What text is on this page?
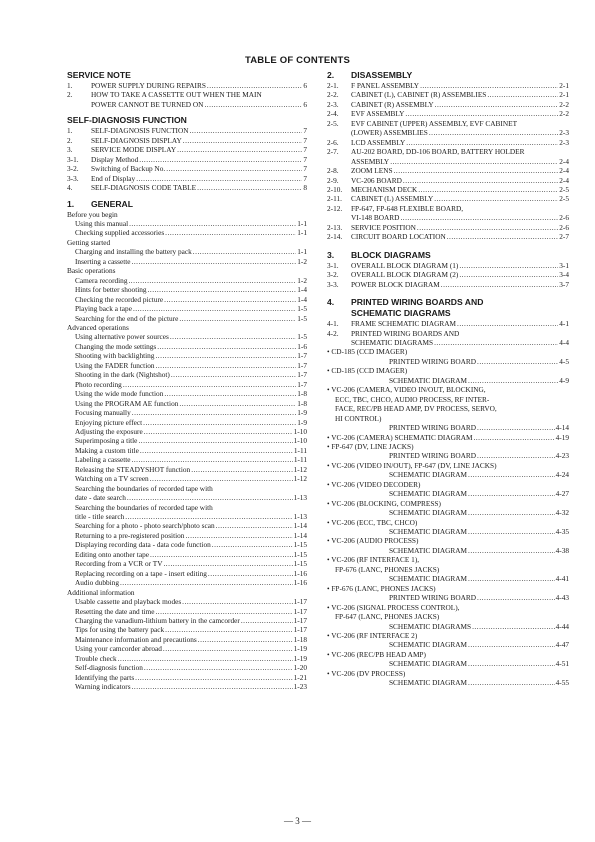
TABLE OF CONTENTS
SERVICE NOTE
1.	POWER SUPPLY DURING REPAIRS .....	6
2.	HOW TO TAKE A CASSETTE OUT WHEN THE MAIN
POWER CANNOT BE TURNED ON .....	6
SELF-DIAGNOSIS FUNCTION
1.	SELF-DIAGNOSIS FUNCTION .....	7
2.	SELF-DIAGNOSIS DISPLAY .....	7
3.	SERVICE MODE DISPLAY .....	7
3-1.	Display Method .....	7
3-2.	Switching of Backup No. .....	7
3-3.	End of Display .....	7
4.	SELF-DIAGNOSIS CODE TABLE .....	8
1.	GENERAL
Before you begin
Using this manual .....	1-1
Checking supplied accessories .....	1-1
Getting started
Charging and installing the battery pack .....	1-1
Inserting a cassette .....	1-2
Basic operations
Camera recording .....	1-2
Hints for better shooting .....	1-4
Checking the recorded picture .....	1-4
Playing back a tape .....	1-5
Searching for the end of the picture .....	1-5
Advanced operations
Using alternative power sources .....	1-5
Changing the mode settings .....	1-6
Shooting with backlighting .....	1-7
Using the FADER function .....	1-7
Shooting in the dark (Nightshot) .....	1-7
Photo recording .....	1-7
Using the wide mode function .....	1-8
Using the PROGRAM AE function .....	1-8
Focusing manually .....	1-9
Enjoying picture effect .....	1-9
Adjusting the exposure .....	1-10
Superimposing a title .....	1-10
Making a custom title .....	1-11
Labeling a cassette .....	1-11
Releasing the STEADYSHOT function .....	1-12
Watching on a TV screen .....	1-12
Searching the boundaries of recorded tape with
date - date search .....	1-13
Searching the boundaries of recorded tape with
title - title search .....	1-13
Searching for a photo - photo search/photo scan .....	1-14
Returning to a pre-registered position .....	1-14
Displaying recording data - data code function .....	1-15
Editing onto another tape .....	1-15
Recording from a VCR or TV .....	1-15
Replacing recording on a tape - insert editing .....	1-16
Audio dubbing .....	1-16
Additional information
Usable cassette and playback modes .....	1-17
Resetting the date and time .....	1-17
Charging the vanadium-lithium battery in the camcorder .....	1-17
Tips for using the battery pack .....	1-17
Maintenance information and precautions .....	1-18
Using your camcorder abroad .....	1-19
Trouble check .....	1-19
Self-diagnosis function .....	1-20
Identifying the parts .....	1-21
Warning indicators .....	1-23
2.	DISASSEMBLY
2-1.	F PANEL ASSEMBLY .....	2-1
2-2.	CABINET (L), CABINET (R) ASSEMBLIES .....	2-1
2-3.	CABINET (R) ASSEMBLY .....	2-2
2-4.	EVF ASSEMBLY .....	2-2
2-5.	EVF CABINET (UPPER) ASSEMBLY, EVF CABINET
(LOWER) ASSEMBLIES .....	2-3
2-6.	LCD ASSEMBLY .....	2-3
2-7.	AU-202 BOARD, DD-106 BOARD, BATTERY HOLDER
ASSEMBLY .....	2-4
2-8.	ZOOM LENS .....	2-4
2-9.	VC-206 BOARD .....	2-4
2-10.	MECHANISM DECK .....	2-5
2-11.	CABINET (L) ASSEMBLY .....	2-5
2-12.	FP-647, FP-648 FLEXIBLE BOARD,
VI-148 BOARD .....	2-6
2-13.	SERVICE POSITION .....	2-6
2-14.	CIRCUIT BOARD LOCATION .....	2-7
3.	BLOCK DIAGRAMS
3-1.	OVERALL BLOCK DIAGRAM (1) .....	3-1
3-2.	OVERALL BLOCK DIAGRAM (2) .....	3-4
3-3.	POWER BLOCK DIAGRAM .....	3-7
4.	PRINTED WIRING BOARDS AND
SCHEMATIC DIAGRAMS
4-1.	FRAME SCHEMATIC DIAGRAM .....	4-1
4-2.	PRINTED WIRING BOARDS AND
SCHEMATIC DIAGRAMS .....	4-4
• CD-185 (CCD IMAGER)
PRINTED WIRING BOARD .....	4-5
• CD-185 (CCD IMAGER)
SCHEMATIC DIAGRAM .....	4-9
• VC-206 (CAMERA, VIDEO IN/OUT, BLOCKING,
ECC, TBC, CHCO, AUDIO PROCESS, RF INTER-
FACE, REC/PB HEAD AMP, DV PROCESS, SERVO,
HI CONTROL)
PRINTED WIRING BOARD .....	4-14
• VC-206 (CAMERA) SCHEMATIC DIAGRAM .....	4-19
• FP-647 (DV, LINE JACKS)
PRINTED WIRING BOARD .....	4-23
• VC-206 (VIDEO IN/OUT), FP-647 (DV, LINE JACKS)
SCHEMATIC DIAGRAM .....	4-24
• VC-206 (VIDEO DECODER)
SCHEMATIC DIAGRAM .....	4-27
• VC-206 (BLOCKING, COMPRESS)
SCHEMATIC DIAGRAM .....	4-32
• VC-206 (ECC, TBC, CHCO)
SCHEMATIC DIAGRAM .....	4-35
• VC-206 (AUDIO PROCESS)
SCHEMATIC DIAGRAM .....	4-38
• VC-206 (RF INTERFACE 1),
FP-676 (LANC, PHONES JACKS)
SCHEMATIC DIAGRAM .....	4-41
• FP-676 (LANC, PHONES JACKS)
PRINTED WIRING BOARD .....	4-43
• VC-206 (SIGNAL PROCESS CONTROL),
FP-647 (LANC, PHONES JACKS)
SCHEMATIC DIAGRAMS .....	4-44
• VC-206 (RF INTERFACE 2)
SCHEMATIC DIAGRAM .....	4-47
• VC-206 (REC/PB HEAD AMP)
SCHEMATIC DIAGRAM .....	4-51
• VC-206 (DV PROCESS)
SCHEMATIC DIAGRAM .....	4-55
— 3 —
